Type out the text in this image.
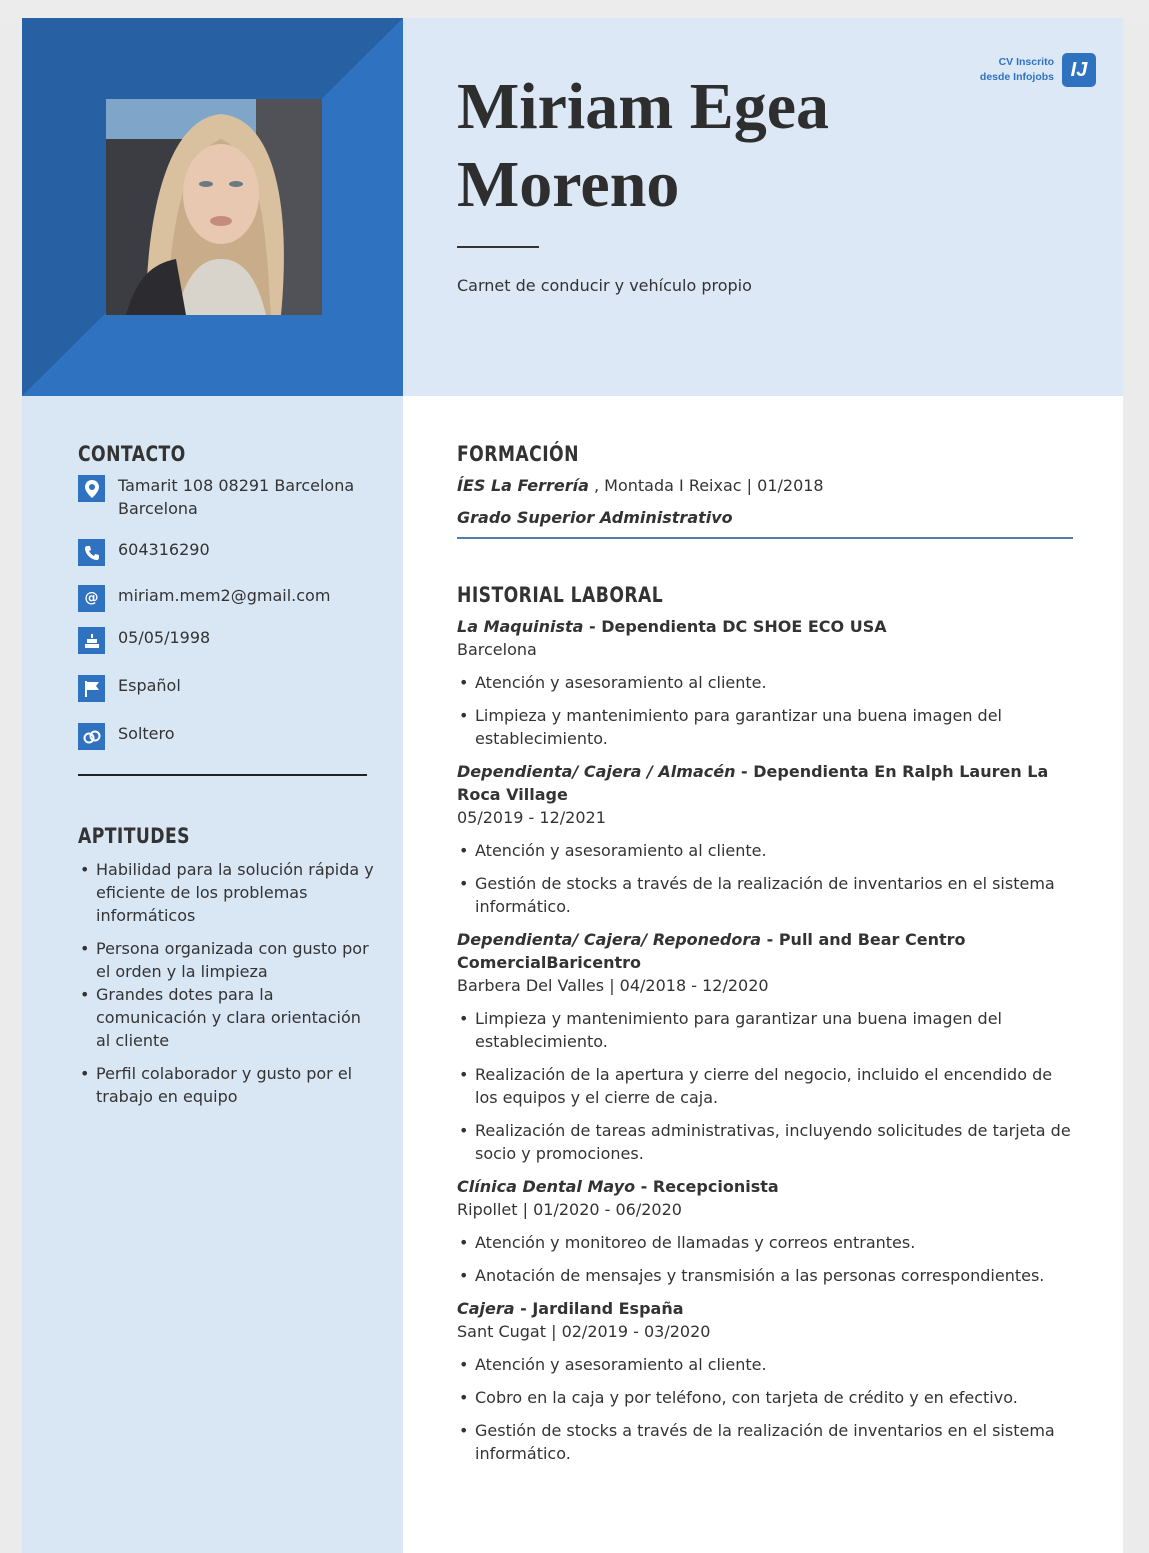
Miriam Egea
Moreno
Carnet de conducir y vehículo propio
CV Inscrito
desde Infojobs IJ
CONTACTO
Tamarit 108 08291 Barcelona
Barcelona
604316290
@	miriam.mem2@gmail.com
05/05/1998
Español
Soltero
APTITUDES
• Habilidad para la solución rápida y eficiente de los problemas informáticos
• Persona organizada con gusto por el orden y la limpieza
• Grandes dotes para la comunicación y clara orientación al cliente
• Perfil colaborador y gusto por el trabajo en equipo
FORMACIÓN
ÍES La Ferrería , Montada I Reixac | 01/2018
Grado Superior Administrativo
HISTORIAL LABORAL
La Maquinista - Dependienta DC SHOE ECO USA
Barcelona
• Atención y asesoramiento al cliente.
• Limpieza y mantenimiento para garantizar una buena imagen del establecimiento.
Dependienta/ Cajera / Almacén - Dependienta En Ralph Lauren La Roca Village
05/2019 - 12/2021
• Atención y asesoramiento al cliente.
• Gestión de stocks a través de la realización de inventarios en el sistema informático.
Dependienta/ Cajera/ Reponedora - Pull and Bear Centro ComercialBaricentro
Barbera Del Valles | 04/2018 - 12/2020
• Limpieza y mantenimiento para garantizar una buena imagen del establecimiento.
• Realización de la apertura y cierre del negocio, incluido el encendido de los equipos y el cierre de caja.
• Realización de tareas administrativas, incluyendo solicitudes de tarjeta de socio y promociones.
Clínica Dental Mayo - Recepcionista
Ripollet | 01/2020 - 06/2020
• Atención y monitoreo de llamadas y correos entrantes.
• Anotación de mensajes y transmisión a las personas correspondientes.
Cajera - Jardiland España
Sant Cugat | 02/2019 - 03/2020
• Atención y asesoramiento al cliente.
• Cobro en la caja y por teléfono, con tarjeta de crédito y en efectivo.
• Gestión de stocks a través de la realización de inventarios en el sistema informático.
